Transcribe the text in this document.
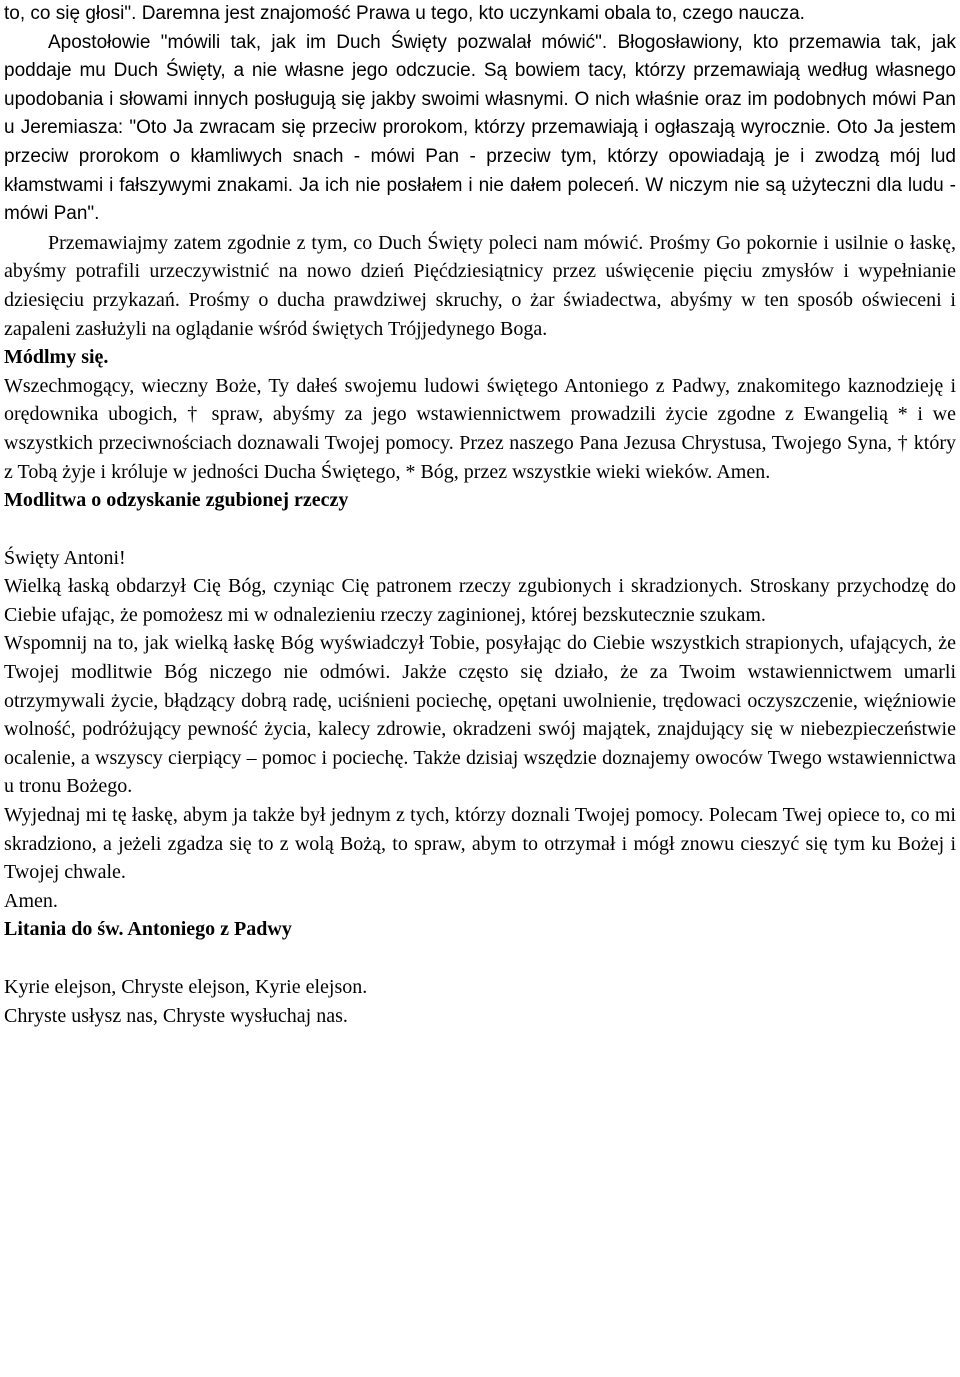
to, co się głosi". Daremna jest znajomość Prawa u tego, kto uczynkami obala to, czego naucza.

Apostołowie "mówili tak, jak im Duch Święty pozwalał mówić". Błogosławiony, kto przemawia tak, jak poddaje mu Duch Święty, a nie własne jego odczucie. Są bowiem tacy, którzy przemawiają według własnego upodobania i słowami innych posługują się jakby swoimi własnymi. O nich właśnie oraz im podobnych mówi Pan u Jeremiasza: "Oto Ja zwracam się przeciw prorokom, którzy przemawiają i ogłaszają wyrocznie. Oto Ja jestem przeciw prorokom o kłamliwych snach - mówi Pan - przeciw tym, którzy opowiadają je i zwodzą mój lud kłamstwami i fałszywymi znakami. Ja ich nie posłałem i nie dałem poleceń. W niczym nie są użyteczni dla ludu - mówi Pan".

Przemawiajmy zatem zgodnie z tym, co Duch Święty poleci nam mówić. Prośmy Go pokornie i usilnie o łaskę, abyśmy potrafili urzeczywistnić na nowo dzień Pięćdziesiątnicy przez uświęcenie pięciu zmysłów i wypełnianie dziesięciu przykazań. Prośmy o ducha prawdziwej skruchy, o żar świadectwa, abyśmy w ten sposób oświeceni i zapaleni zasłużyli na oglądanie wśród świętych Trójjedynego Boga.

Módlmy się.

Wszechmogący, wieczny Boże, Ty dałeś swojemu ludowi świętego Antoniego z Padwy, znakomitego kaznodzieję i orędownika ubogich, † spraw, abyśmy za jego wstawiennictwem prowadzili życie zgodne z Ewangelią * i we wszystkich przeciwnościach doznawali Twojej pomocy. Przez naszego Pana Jezusa Chrystusa, Twojego Syna, † który z Tobą żyje i króluje w jedności Ducha Świętego, * Bóg, przez wszystkie wieki wieków. Amen.

Modlitwa o odzyskanie zgubionej rzeczy

Święty Antoni!

Wielką łaską obdarzył Cię Bóg, czyniąc Cię patronem rzeczy zgubionych i skradzionych. Stroskany przychodzę do Ciebie ufając, że pomożesz mi w odnalezieniu rzeczy zaginionej, której bezskutecznie szukam.

Wspomnij na to, jak wielką łaskę Bóg wyświadczył Tobie, posyłając do Ciebie wszystkich strapionych, ufających, że Twojej modlitwie Bóg niczego nie odmówi. Jakże często się działo, że za Twoim wstawiennictwem umarli otrzymywali życie, błądzący dobrą radę, uciśnieni pociechę, opętani uwolnienie, trędowaci oczyszczenie, więźniowie wolność, podróżujący pewność życia, kalecy zdrowie, okradzeni swój majątek, znajdujący się w niebezpieczeństwie ocalenie, a wszyscy cierpiący – pomoc i pociechę. Także dzisiaj wszędzie doznajemy owoców Twego wstawiennictwa u tronu Bożego.

Wyjednaj mi tę łaskę, abym ja także był jednym z tych, którzy doznali Twojej pomocy. Polecam Twej opiece to, co mi skradziono, a jeżeli zgadza się to z wolą Bożą, to spraw, abym to otrzymał i mógł znowu cieszyć się tym ku Bożej i Twojej chwale.

Amen.

Litania do św. Antoniego z Padwy

Kyrie elejson, Chryste elejson, Kyrie elejson.

Chryste usłysz nas, Chryste wysłuchaj nas.
